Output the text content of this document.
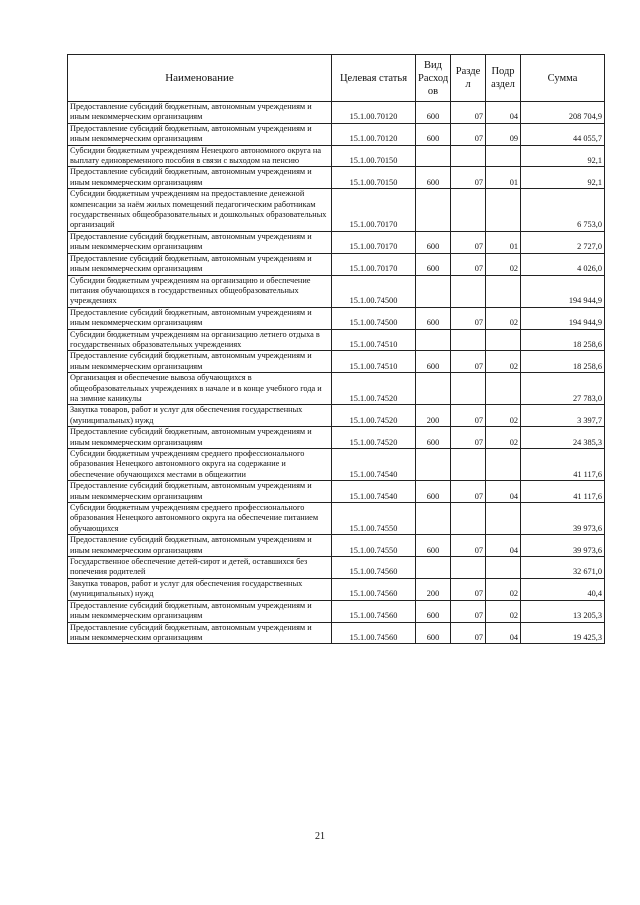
Наименование	Целевая статья	Вид Расход ов	Разде л	Подр аздел	Сумма
Предоставление субсидий бюджетным, автономным учреждениям и иным некоммерческим организациям	15.1.00.70120	600	07	04	208 704,9
Предоставление субсидий бюджетным, автономным учреждениям и иным некоммерческим организациям	15.1.00.70120	600	07	09	44 055,7
Субсидии бюджетным учреждениям Ненецкого автономного округа на выплату единовременного пособия в связи с выходом на пенсию	15.1.00.70150				92,1
Предоставление субсидий бюджетным, автономным учреждениям и иным некоммерческим организациям	15.1.00.70150	600	07	01	92,1
Субсидии бюджетным учреждениям на предоставление денежной компенсации за наём жилых помещений педагогическим работникам государственных общеобразовательных и дошкольных образовательных организаций	15.1.00.70170				6 753,0
Предоставление субсидий бюджетным, автономным учреждениям и иным некоммерческим организациям	15.1.00.70170	600	07	01	2 727,0
Предоставление субсидий бюджетным, автономным учреждениям и иным некоммерческим организациям	15.1.00.70170	600	07	02	4 026,0
Субсидии бюджетным учреждениям на организацию и обеспечение питания обучающихся в государственных общеобразовательных учреждениях	15.1.00.74500				194 944,9
Предоставление субсидий бюджетным, автономным учреждениям и иным некоммерческим организациям	15.1.00.74500	600	07	02	194 944,9
Субсидии бюджетным учреждениям на организацию летнего отдыха в государственных образовательных учреждениях	15.1.00.74510				18 258,6
Предоставление субсидий бюджетным, автономным учреждениям и иным некоммерческим организациям	15.1.00.74510	600	07	02	18 258,6
Организация и обеспечение вывоза обучающихся в общеобразовательных учреждениях в начале и в конце учебного года и на зимние каникулы	15.1.00.74520				27 783,0
Закупка товаров, работ и услуг для обеспечения государственных (муниципальных) нужд	15.1.00.74520	200	07	02	3 397,7
Предоставление субсидий бюджетным, автономным учреждениям и иным некоммерческим организациям	15.1.00.74520	600	07	02	24 385,3
Субсидии бюджетным учреждениям среднего профессионального образования Ненецкого автономного округа на содержание и обеспечение обучающихся местами в общежитии	15.1.00.74540				41 117,6
Предоставление субсидий бюджетным, автономным учреждениям и иным некоммерческим организациям	15.1.00.74540	600	07	04	41 117,6
Субсидии бюджетным учреждениям среднего профессионального образования Ненецкого автономного округа на обеспечение питанием обучающихся	15.1.00.74550				39 973,6
Предоставление субсидий бюджетным, автономным учреждениям и иным некоммерческим организациям	15.1.00.74550	600	07	04	39 973,6
Государственное обеспечение детей-сирот и детей, оставшихся без попечения родителей	15.1.00.74560				32 671,0
Закупка товаров, работ и услуг для обеспечения государственных (муниципальных) нужд	15.1.00.74560	200	07	02	40,4
Предоставление субсидий бюджетным, автономным учреждениям и иным некоммерческим организациям	15.1.00.74560	600	07	02	13 205,3
Предоставление субсидий бюджетным, автономным учреждениям и иным некоммерческим организациям	15.1.00.74560	600	07	04	19 425,3
21
